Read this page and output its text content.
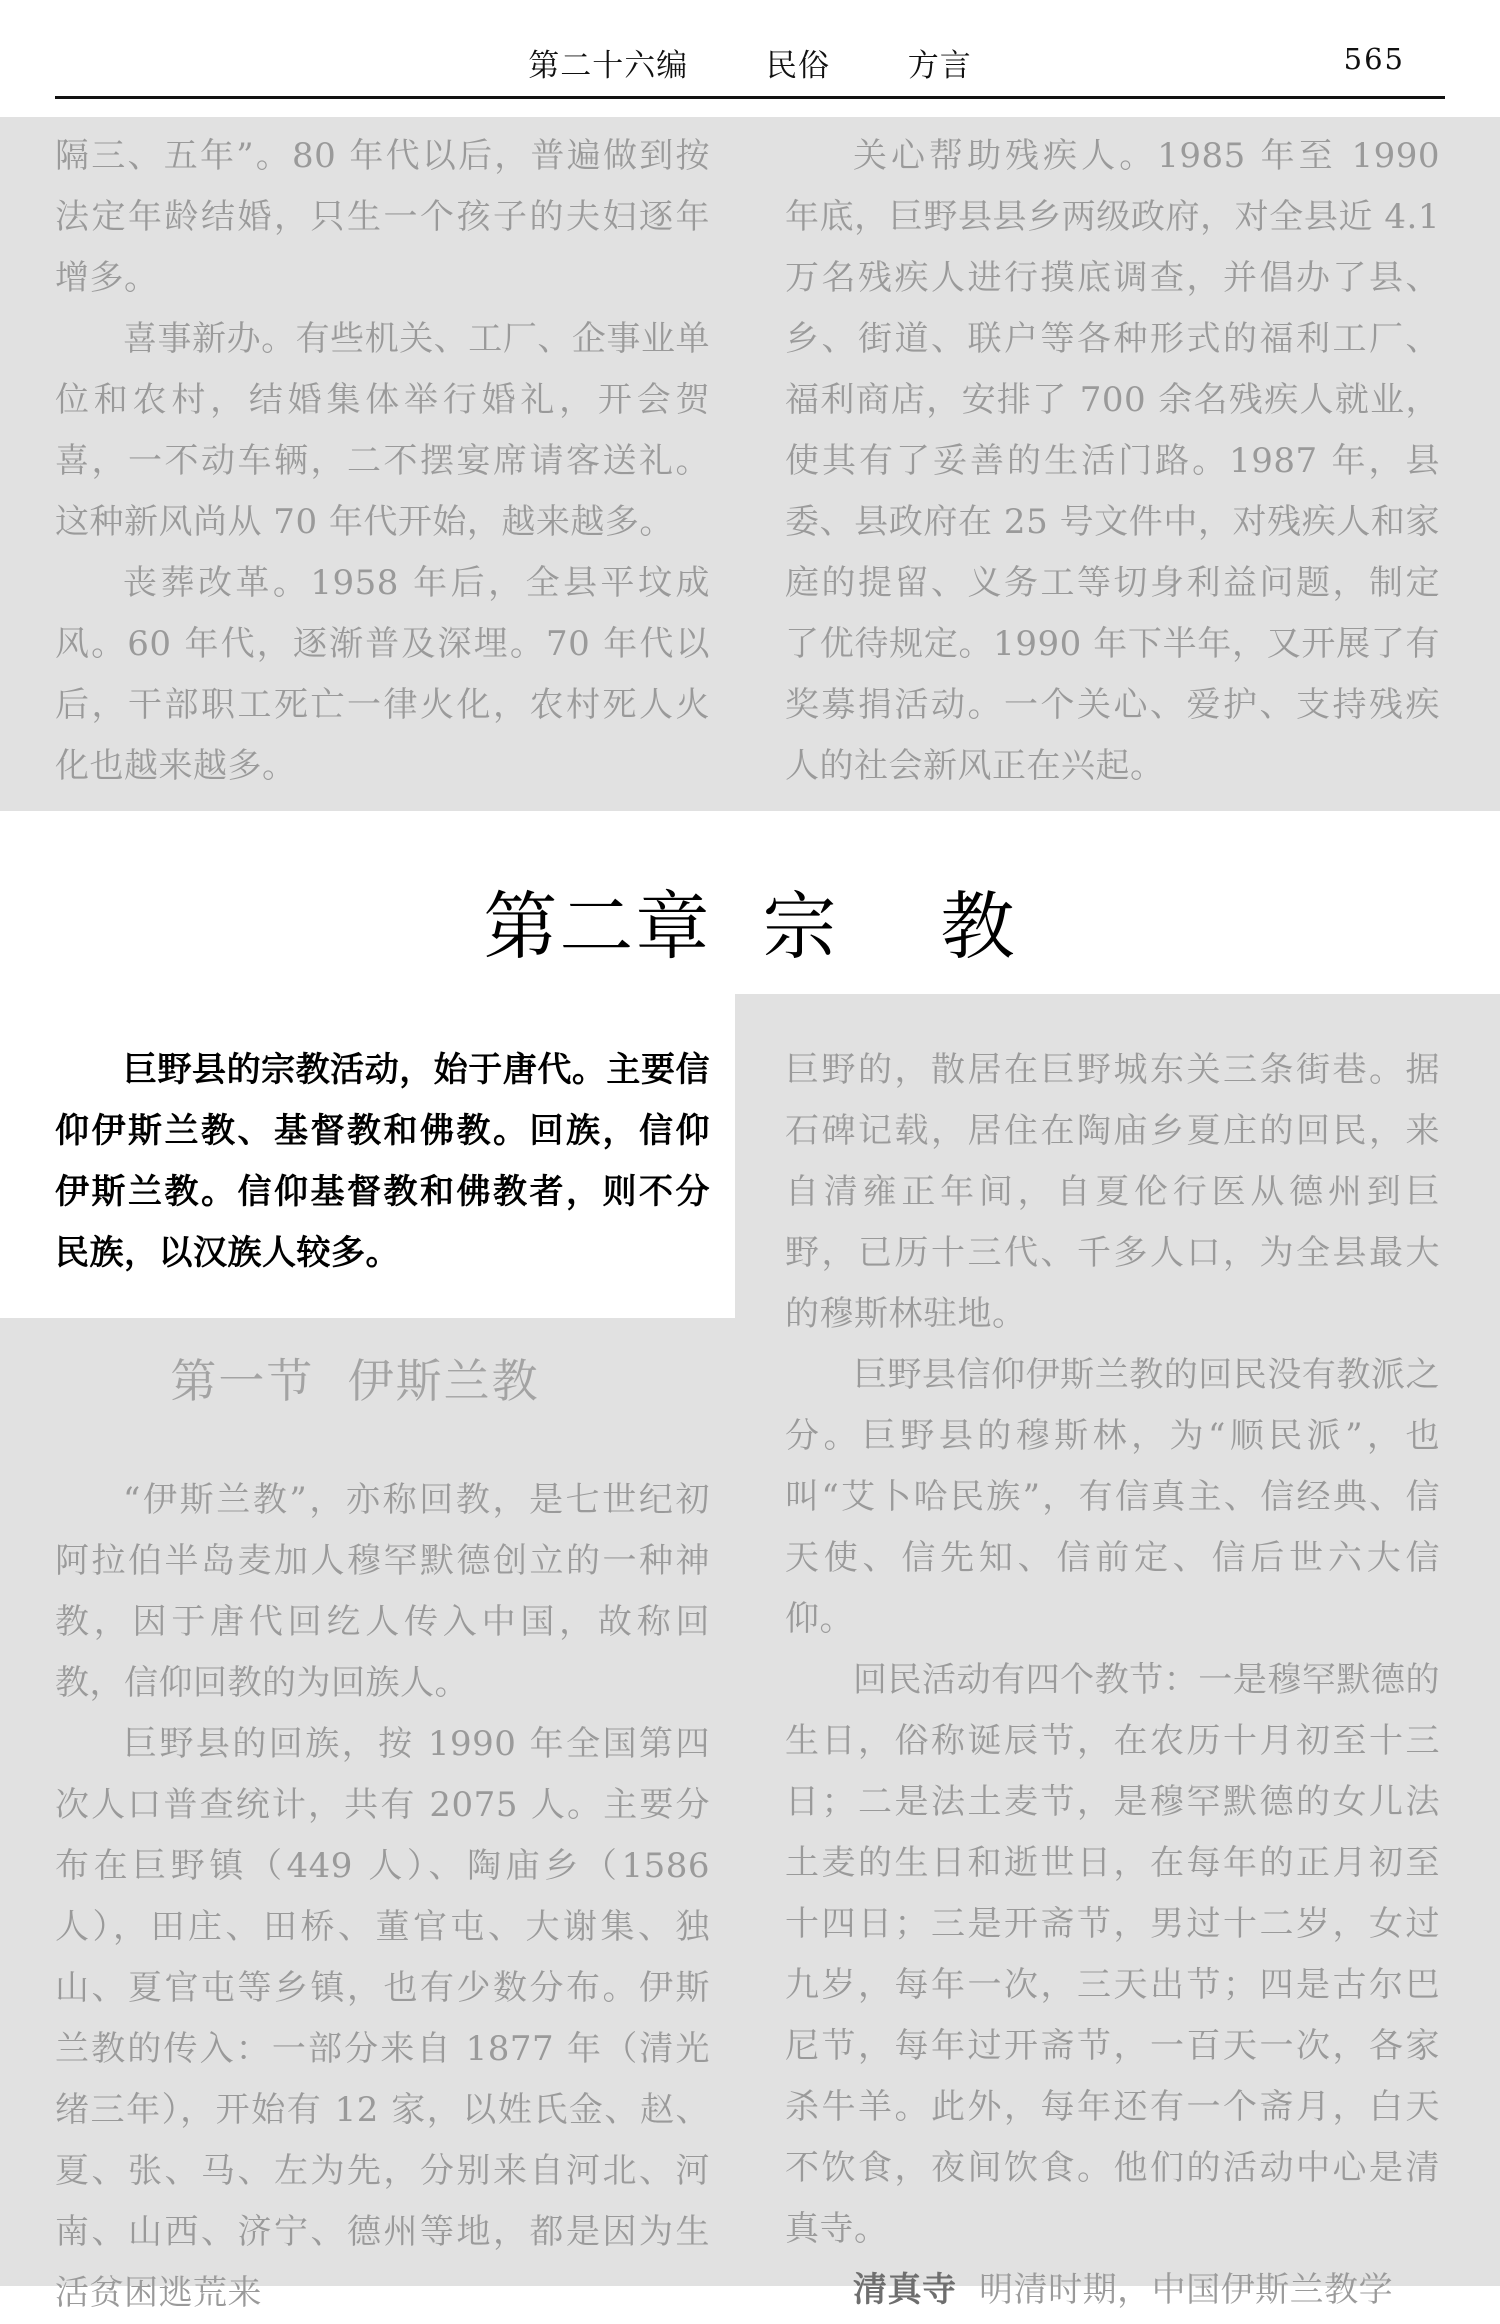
第二十六编  民俗  方言	565

隔三、五年”。80 年代以后，普遍做到按法定年龄结婚，只生一个孩子的夫妇逐年增多。

喜事新办。有些机关、工厂、企事业单位和农村，结婚集体举行婚礼，开会贺喜，一不动车辆，二不摆宴席请客送礼。这种新风尚从 70 年代开始，越来越多。

丧葬改革。1958 年后，全县平坟成风。60 年代，逐渐普及深埋。70 年代以后，干部职工死亡一律火化，农村死人火化也越来越多。

关心帮助残疾人。1985 年至 1990 年底，巨野县县乡两级政府，对全县近 4.1 万名残疾人进行摸底调查，并倡办了县、乡、街道、联户等各种形式的福利工厂、福利商店，安排了 700 余名残疾人就业，使其有了妥善的生活门路。1987 年，县委、县政府在 25 号文件中，对残疾人和家庭的提留、义务工等切身利益问题，制定了优待规定。1990 年下半年，又开展了有奖募捐活动。一个关心、爱护、支持残疾人的社会新风正在兴起。

第二章  宗    教

巨野县的宗教活动，始于唐代。主要信仰伊斯兰教、基督教和佛教。回族，信仰伊斯兰教。信仰基督教和佛教者，则不分民族，以汉族人较多。

第一节  伊斯兰教

“伊斯兰教”，亦称回教，是七世纪初阿拉伯半岛麦加人穆罕默德创立的一种神教，因于唐代回纥人传入中国，故称回教，信仰回教的为回族人。

巨野县的回族，按 1990 年全国第四次人口普查统计，共有 2075 人。主要分布在巨野镇（449 人）、陶庙乡（1586 人），田庄、田桥、董官屯、大谢集、独山、夏官屯等乡镇，也有少数分布。伊斯兰教的传入：一部分来自 1877 年（清光绪三年），开始有 12 家，以姓氏金、赵、夏、张、马、左为先，分别来自河北、河南、山西、济宁、德州等地，都是因为生活贫困逃荒来

巨野的，散居在巨野城东关三条街巷。据石碑记载，居住在陶庙乡夏庄的回民，来自清雍正年间，自夏伦行医从德州到巨野，已历十三代、千多人口，为全县最大的穆斯林驻地。

巨野县信仰伊斯兰教的回民没有教派之分。巨野县的穆斯林，为“顺民派”，也叫“艾卜哈民族”，有信真主、信经典、信天使、信先知、信前定、信后世六大信仰。

回民活动有四个教节：一是穆罕默德的生日，俗称诞辰节，在农历十月初至十三日；二是法土麦节，是穆罕默德的女儿法土麦的生日和逝世日，在每年的正月初至十四日；三是开斋节，男过十二岁，女过九岁，每年一次，三天出节；四是古尔巴尼节，每年过开斋节，一百天一次，各家杀牛羊。此外，每年还有一个斋月，白天不饮食，夜间饮食。他们的活动中心是清真寺。

清真寺  明清时期，中国伊斯兰教学
